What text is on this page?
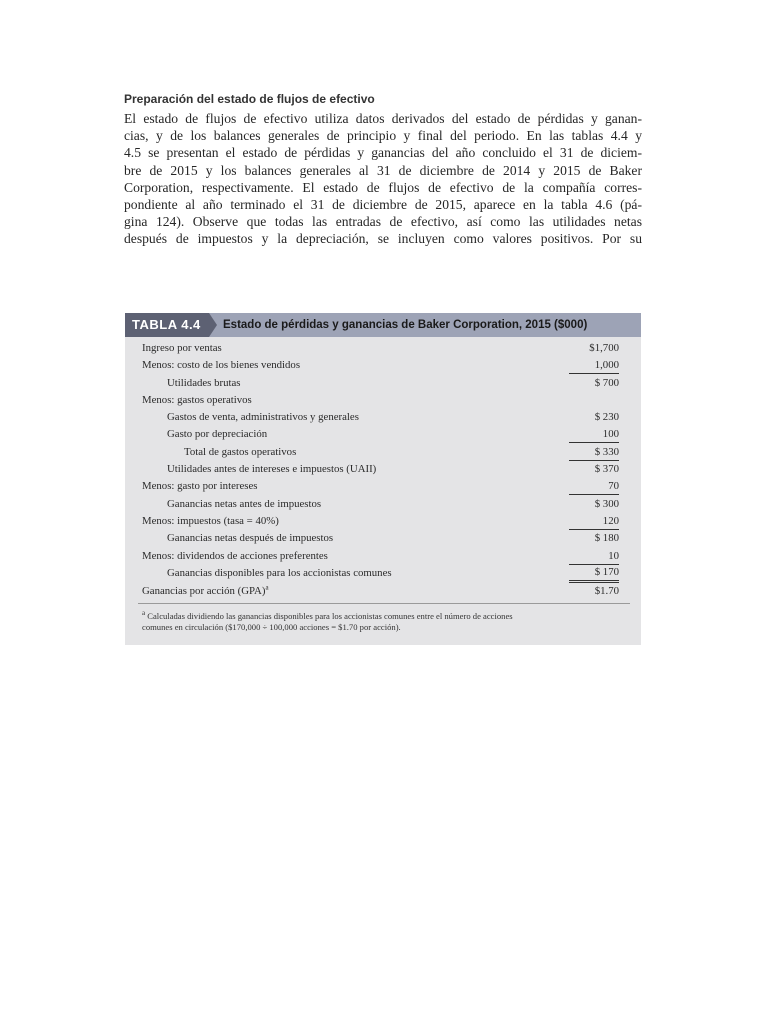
Preparación del estado de flujos de efectivo

El estado de flujos de efectivo utiliza datos derivados del estado de pérdidas y ganan-
cias, y de los balances generales de principio y final del periodo. En las tablas 4.4 y
4.5 se presentan el estado de pérdidas y ganancias del año concluido el 31 de diciem-
bre de 2015 y los balances generales al 31 de diciembre de 2014 y 2015 de Baker
Corporation, respectivamente. El estado de flujos de efectivo de la compañía corres-
pondiente al año terminado el 31 de diciembre de 2015, aparece en la tabla 4.6 (pá-
gina 124). Observe que todas las entradas de efectivo, así como las utilidades netas
después de impuestos y la depreciación, se incluyen como valores positivos. Por su

TABLA 4.4	Estado de pérdidas y ganancias de Baker Corporation, 2015 ($000)
Ingreso por ventas	$1,700
Menos: costo de los bienes vendidos	1,000
Utilidades brutas	$ 700
Menos: gastos operativos
Gastos de venta, administrativos y generales	$ 230
Gasto por depreciación	100
Total de gastos operativos	$ 330
Utilidades antes de intereses e impuestos (UAII)	$ 370
Menos: gasto por intereses	70
Ganancias netas antes de impuestos	$ 300
Menos: impuestos (tasa = 40%)	120
Ganancias netas después de impuestos	$ 180
Menos: dividendos de acciones preferentes	10
Ganancias disponibles para los accionistas comunes	$ 170
Ganancias por acción (GPA)$^a$	$1.70
$^a$ Calculadas dividiendo las ganancias disponibles para los accionistas comunes entre el número de acciones
comunes en circulación ($170,000 ÷ 100,000 acciones = $1.70 por acción).
